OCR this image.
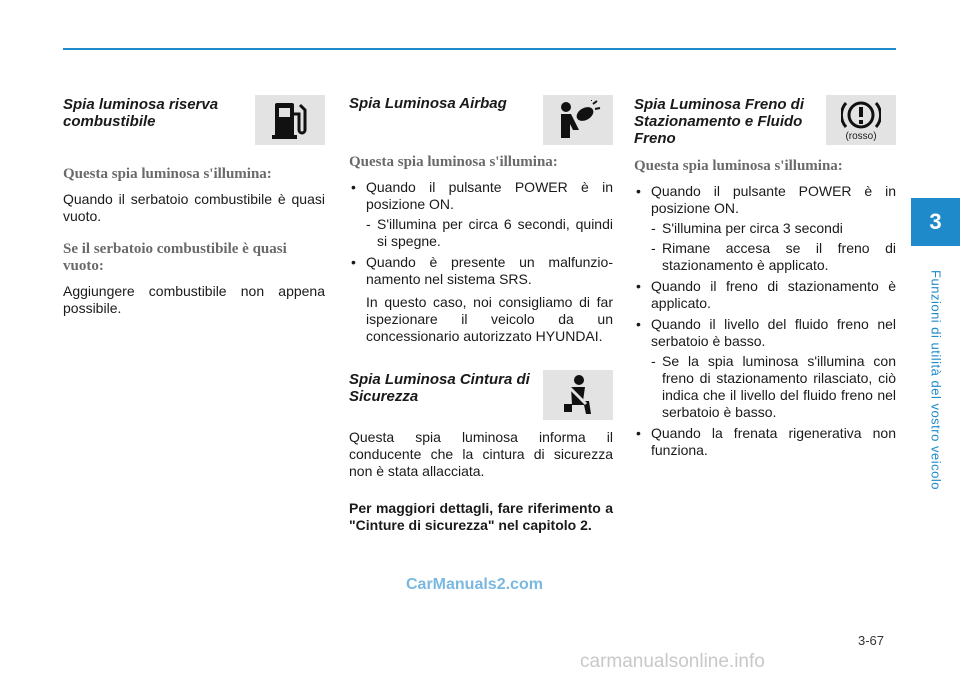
Spia luminosa riserva combustibile
Questa spia luminosa s'illumina:

Quando il serbatoio combustibile è quasi vuoto.

Se il serbatoio combustibile è quasi vuoto:

Aggiungere combustibile non appena possibile.

Spia Luminosa Airbag
Questa spia luminosa s'illumina:
• Quando il pulsante POWER è in posizione ON.
- S'illumina per circa 6 secondi, quindi si spegne.
• Quando è presente un malfunzio-namento nel sistema SRS.
In questo caso, noi consigliamo di far ispezionare il veicolo da un concessionario autorizzato HYUNDAI.
Spia Luminosa Cintura di Sicurezza

Questa spia luminosa informa il conducente che la cintura di sicurezza non è stata allacciata.

Per maggiori dettagli, fare riferimento a "Cinture di sicurezza" nel capitolo 2.

Spia Luminosa Freno di Stazionamento e Fluido Freno	(rosso)
Questa spia luminosa s'illumina:
• Quando il pulsante POWER è in posizione ON.
- S'illumina per circa 3 secondi
- Rimane accesa se il freno di stazionamento è applicato.
• Quando il freno di stazionamento è applicato.
• Quando il livello del fluido freno nel serbatoio è basso.
- Se la spia luminosa s'illumina con freno di stazionamento rilasciato, ciò indica che il livello del fluido freno nel serbatoio è basso.
• Quando la frenata rigenerativa non funziona.
3
Funzioni di utilità del vostro veicolo
3-67
CarManuals2.com
carmanualsonline.info
